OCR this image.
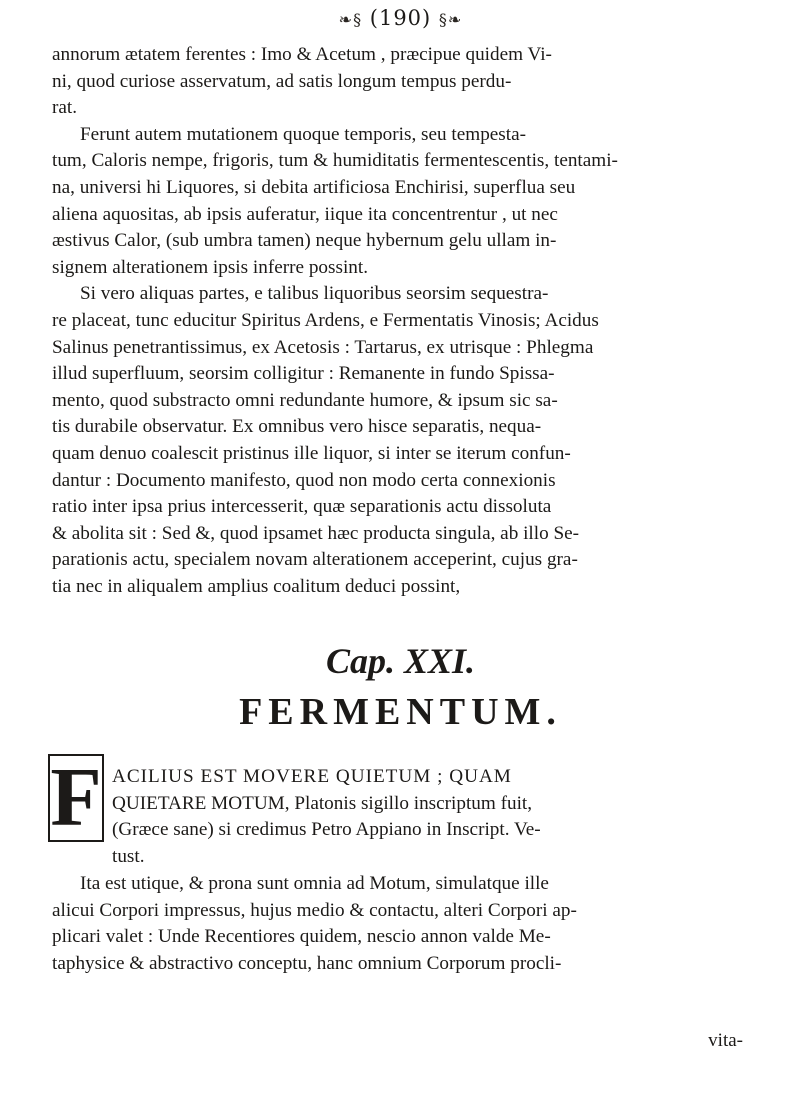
❧§ (190) §❧
annorum ætatem ferentes : Imo & Acetum , præcipue quidem Vi-
ni, quod curiose asservatum, ad satis longum tempus perdu-
rat.
Ferunt autem mutationem quoque temporis, seu tempesta-
tum, Caloris nempe, frigoris, tum & humiditatis fermentescentis, tentami-
na, universi hi Liquores, si debita artificiosa Enchirisi, superflua seu
aliena aquositas, ab ipsis auferatur, iique ita concentrentur , ut nec
æstivus Calor, (sub umbra tamen) neque hybernum gelu ullam in-
signem alterationem ipsis inferre possint.
Si vero aliquas partes, e talibus liquoribus seorsim sequestra-
re placeat, tunc educitur Spiritus Ardens, e Fermentatis Vinosis; Acidus
Salinus penetrantissimus, ex Acetosis : Tartarus, ex utrisque : Phlegma
illud superfluum, seorsim colligitur : Remanente in fundo Spissa-
mento, quod substracto omni redundante humore, & ipsum sic sa-
tis durabile observatur. Ex omnibus vero hisce separatis, nequa-
quam denuo coalescit pristinus ille liquor, si inter se iterum confun-
dantur : Documento manifesto, quod non modo certa connexionis
ratio inter ipsa prius intercesserit, quæ separationis actu dissoluta
& abolita sit : Sed &, quod ipsamet hæc producta singula, ab illo Se-
parationis actu, specialem novam alterationem acceperint, cujus gra-
tia nec in aliqualem amplius coalitum deduci possint,
Cap. XXI.
FERMENTUM.
F ACILIUS EST MOVERE QUIETUM ; QUAM
QUIETARE MOTUM, Platonis sigillo inscriptum fuit,
(Græce sane) si credimus Petro Appiano in Inscript. Ve-
tust.
Ita est utique, & prona sunt omnia ad Motum, simulatque ille
alicui Corpori impressus, hujus medio & contactu, alteri Corpori ap-
plicari valet : Unde Recentiores quidem, nescio annon valde Me-
taphysice & abstractivo conceptu, hanc omnium Corporum procli-
vita-
